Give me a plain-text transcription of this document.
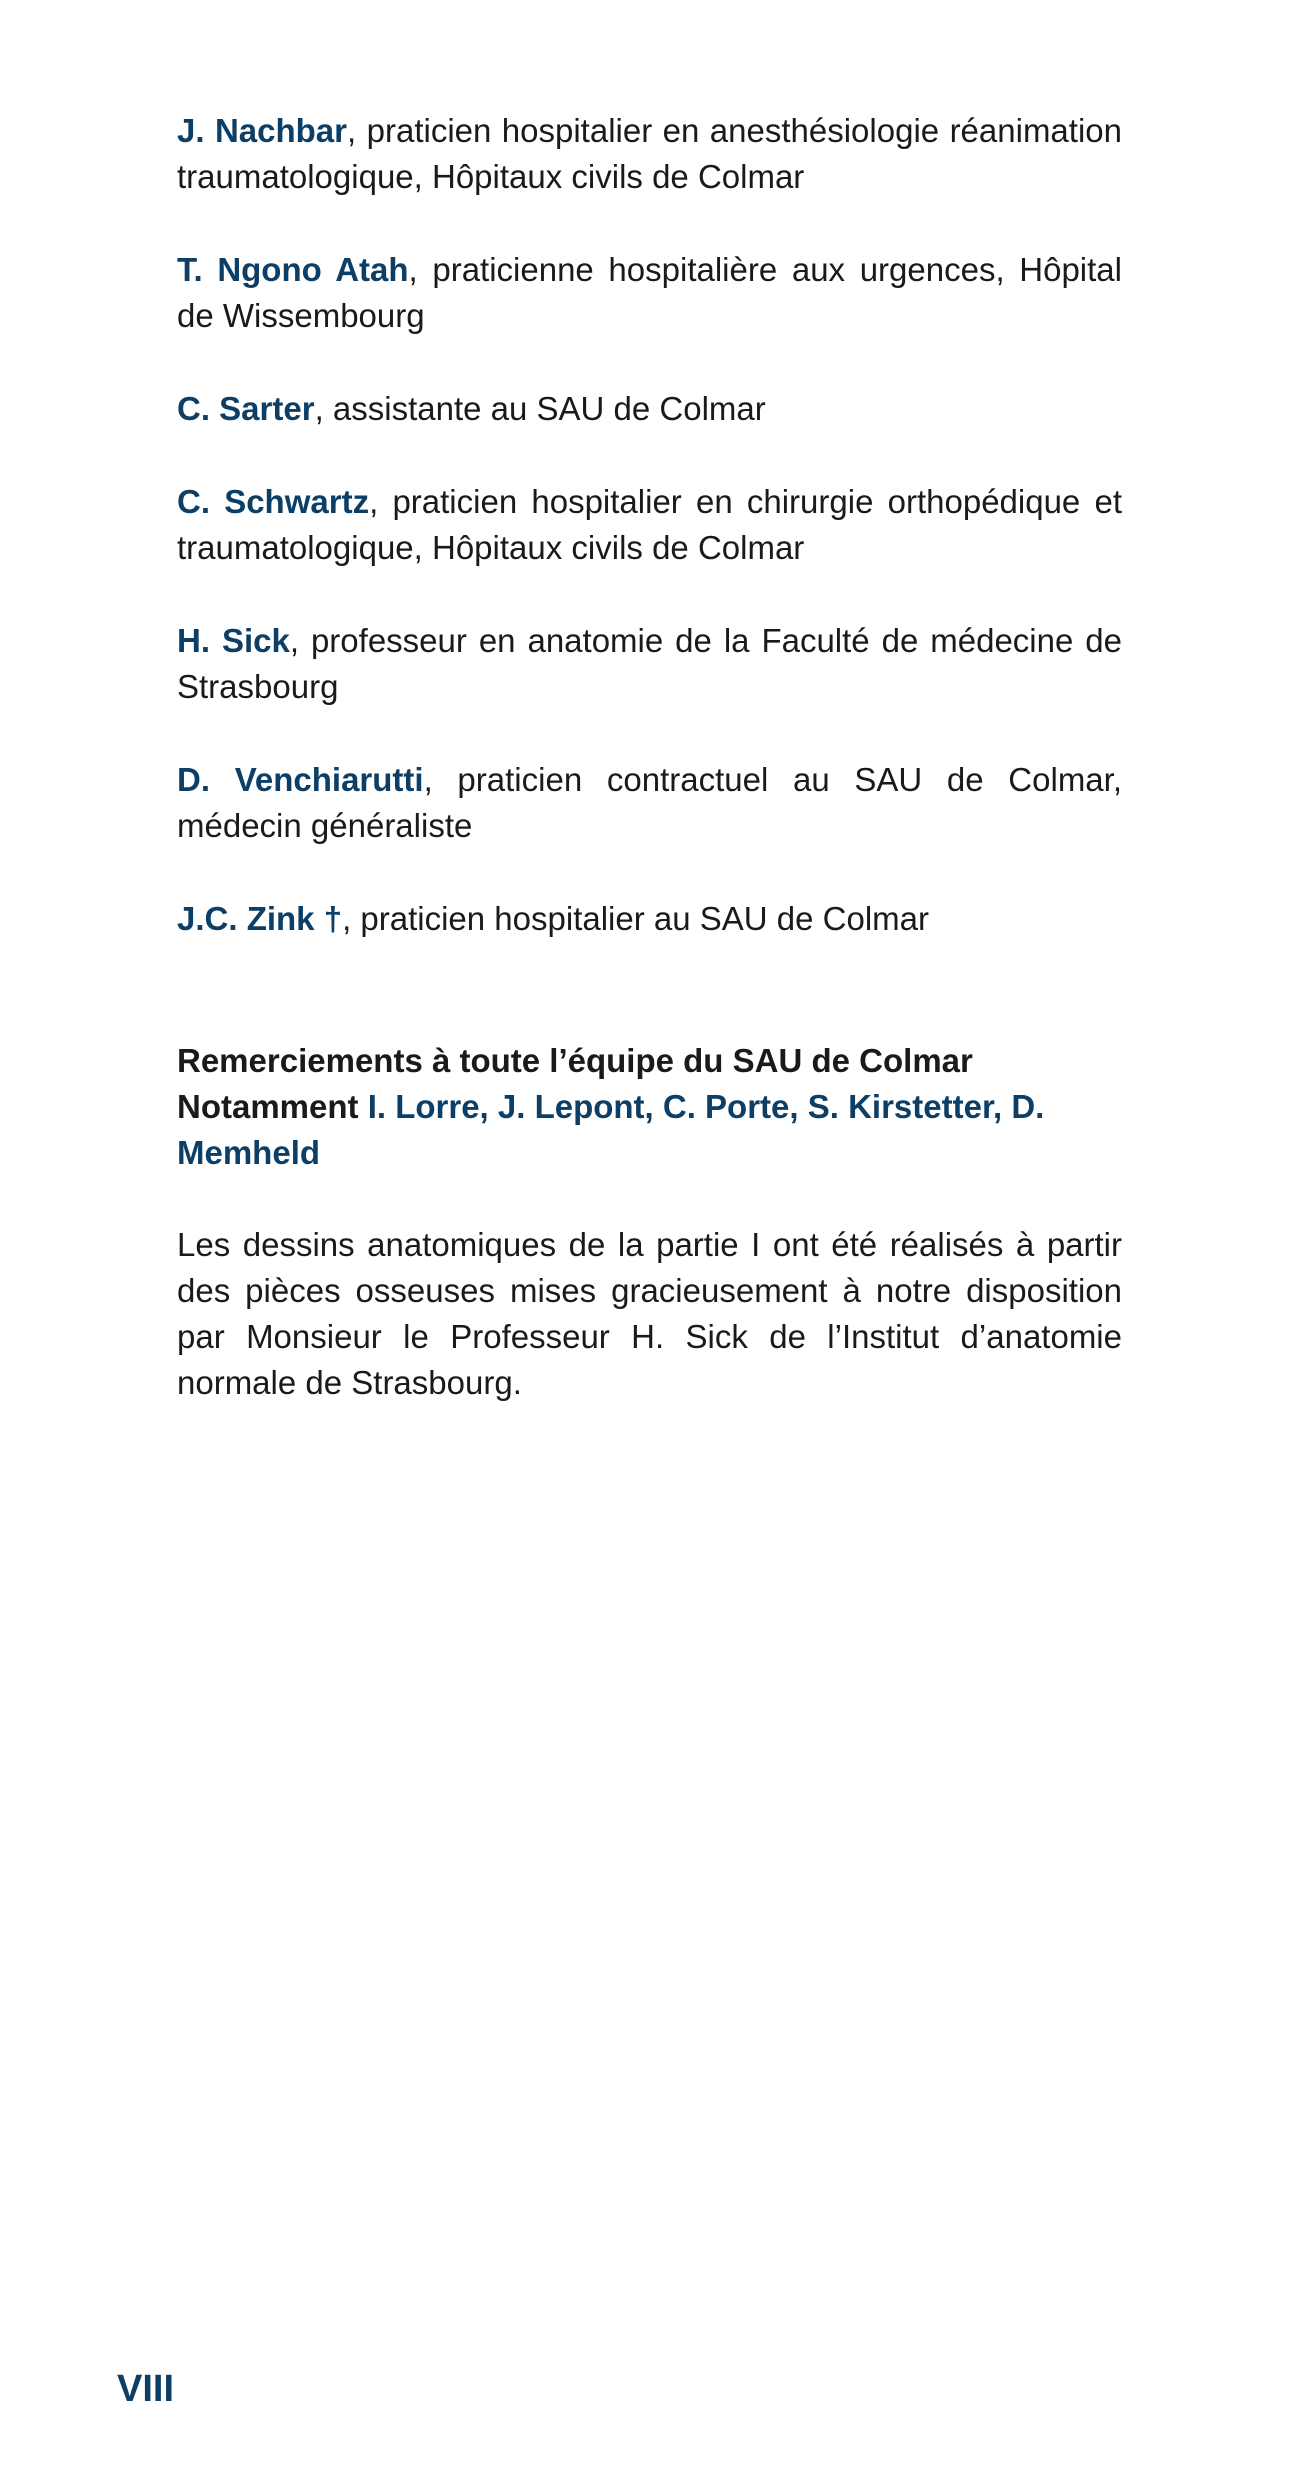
J. Nachbar, praticien hospitalier en anesthésiologie réanimation traumatologique, Hôpitaux civils de Colmar

T. Ngono Atah, praticienne hospitalière aux urgences, Hôpital de Wissembourg

C. Sarter, assistante au SAU de Colmar

C. Schwartz, praticien hospitalier en chirurgie orthopédique et traumatologique, Hôpitaux civils de Colmar

H. Sick, professeur en anatomie de la Faculté de médecine de Strasbourg

D. Venchiarutti, praticien contractuel au SAU de Colmar, médecin généraliste

J.C. Zink †, praticien hospitalier au SAU de Colmar

Remerciements à toute l’équipe du SAU de Colmar
Notamment I. Lorre, J. Lepont, C. Porte, S. Kirstetter, D. Memheld

Les dessins anatomiques de la partie I ont été réalisés à partir des pièces osseuses mises gracieusement à notre disposition par Monsieur le Professeur H. Sick de l’Institut d’anatomie normale de Strasbourg.

VIII
